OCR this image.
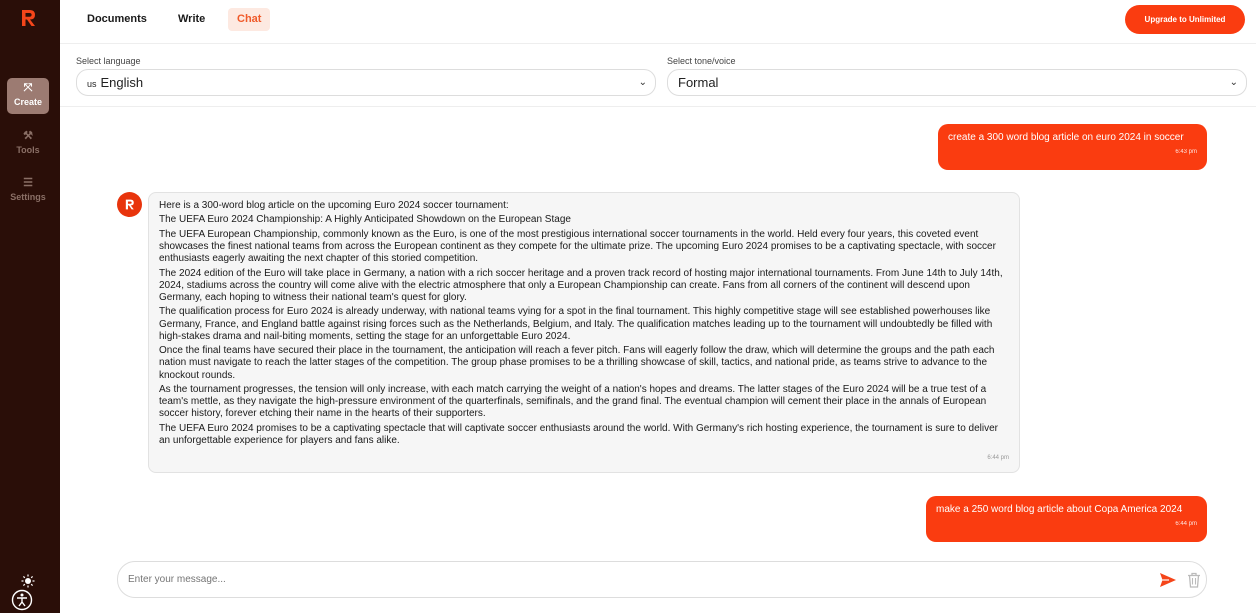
⤧
Create
⚒
Tools
☰
Settings
Documents	Write	Chat	Upgrade to Unlimited
Select language
us English	⌄
Select tone/voice
Formal	⌄
create a 300 word blog article on euro 2024 in soccer
6:43 pm

Here is a 300-word blog article on the upcoming Euro 2024 soccer tournament:

The UEFA Euro 2024 Championship: A Highly Anticipated Showdown on the European Stage

The UEFA European Championship, commonly known as the Euro, is one of the most prestigious international soccer tournaments in the world. Held every four years, this coveted event showcases the finest national teams from across the European continent as they compete for the ultimate prize. The upcoming Euro 2024 promises to be a captivating spectacle, with soccer enthusiasts eagerly awaiting the next chapter of this storied competition.

The 2024 edition of the Euro will take place in Germany, a nation with a rich soccer heritage and a proven track record of hosting major international tournaments. From June 14th to July 14th, 2024, stadiums across the country will come alive with the electric atmosphere that only a European Championship can create. Fans from all corners of the continent will descend upon Germany, each hoping to witness their national team's quest for glory.

The qualification process for Euro 2024 is already underway, with national teams vying for a spot in the final tournament. This highly competitive stage will see established powerhouses like Germany, France, and England battle against rising forces such as the Netherlands, Belgium, and Italy. The qualification matches leading up to the tournament will undoubtedly be filled with high-stakes drama and nail-biting moments, setting the stage for an unforgettable Euro 2024.

Once the final teams have secured their place in the tournament, the anticipation will reach a fever pitch. Fans will eagerly follow the draw, which will determine the groups and the path each nation must navigate to reach the latter stages of the competition. The group phase promises to be a thrilling showcase of skill, tactics, and national pride, as teams strive to advance to the knockout rounds.

As the tournament progresses, the tension will only increase, with each match carrying the weight of a nation's hopes and dreams. The latter stages of the Euro 2024 will be a true test of a team's mettle, as they navigate the high-pressure environment of the quarterfinals, semifinals, and the grand final. The eventual champion will cement their place in the annals of European soccer history, forever etching their name in the hearts of their supporters.

The UEFA Euro 2024 promises to be a captivating spectacle that will captivate soccer enthusiasts around the world. With Germany's rich hosting experience, the tournament is sure to deliver an unforgettable experience for players and fans alike.

6:44 pm
make a 250 word blog article about Copa America 2024
6:44 pm
Enter your message...
